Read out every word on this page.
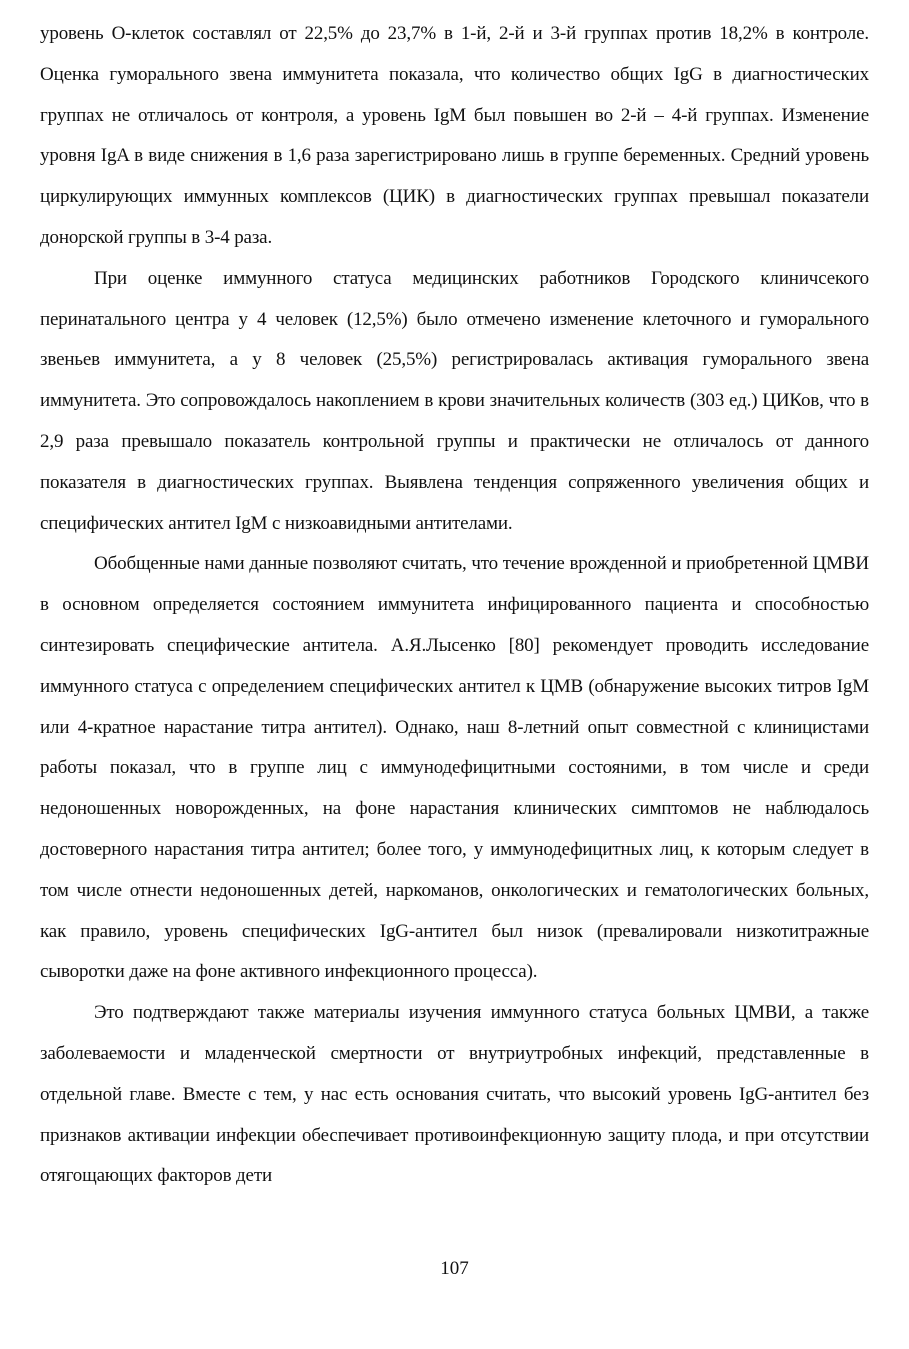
уровень О-клеток составлял от 22,5% до 23,7% в 1-й, 2-й и 3-й группах против 18,2% в контроле. Оценка гуморального звена иммунитета показала, что количество общих IgG в диагностических группах не отличалось от контроля, а уровень IgM был повышен во 2-й – 4-й группах. Изменение уровня IgA в виде снижения в 1,6 раза зарегистрировано лишь в группе беременных. Средний уровень циркулирующих иммунных комплексов (ЦИК) в диагностических группах превышал показатели донорской группы в 3-4 раза.

При оценке иммунного статуса медицинских работников Городского клиничсекого перинатального центра у 4 человек (12,5%) было отмечено изменение клеточного и гуморального звеньев иммунитета, а у 8 человек (25,5%) регистрировалась активация гуморального звена иммунитета. Это сопровождалось накоплением в крови значительных количеств (303 ед.) ЦИКов, что в 2,9 раза превышало показатель контрольной группы и практически не отличалось от данного показателя в диагностических группах. Выявлена тенденция сопряженного увеличения общих и специфических антител IgM с низкоавидными антителами.

Обобщенные нами данные позволяют считать, что течение врожденной и приобретенной ЦМВИ в основном определяется состоянием иммунитета инфицированного пациента и способностью синтезировать специфические антитела. А.Я.Лысенко [80] рекомендует проводить исследование иммунного статуса с определением специфических антител к ЦМВ (обнаружение высоких титров IgM или 4-кратное нарастание титра антител). Однако, наш 8-летний опыт совместной с клиницистами работы показал, что в группе лиц с иммунодефицитными состояними, в том числе и среди недоношенных новорожденных, на фоне нарастания клинических симптомов не наблюдалось достоверного нарастания титра антител; более того, у иммунодефицитных лиц, к которым следует в том числе отнести недоношенных детей, наркоманов, онкологических и гематологических больных, как правило, уровень специфических IgG-антител был низок (превалировали низкотитражные сыворотки даже на фоне активного инфекционного процесса).

Это подтверждают также материалы изучения иммунного статуса больных ЦМВИ, а также заболеваемости и младенческой смертности от внутриутробных инфекций, представленные в отдельной главе. Вместе с тем, у нас есть основания считать, что высокий уровень IgG-антител без признаков активации инфекции обеспечивает противоинфекционную защиту плода, и при отсутствии отягощающих факторов дети

107
